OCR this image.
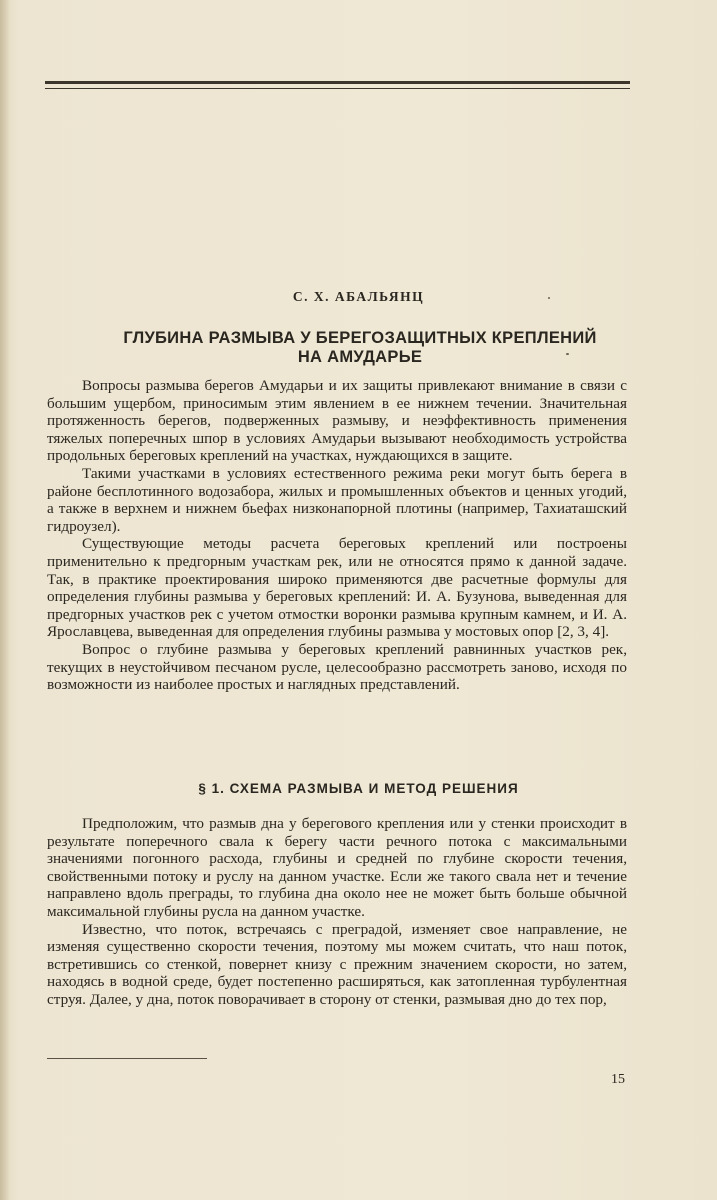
С. Х. АБАЛЬЯНЦ
ГЛУБИНА РАЗМЫВА У БЕРЕГОЗАЩИТНЫХ КРЕПЛЕНИЙ
НА АМУДАРЬЕ

Вопросы размыва берегов Амударьи и их защиты привлекают внимание в связи с большим ущербом, приносимым этим явлением в ее нижнем течении. Значительная протяженность берегов, подверженных размыву, и неэффективность применения тяжелых поперечных шпор в условиях Амударьи вызывают необходимость устройства продольных береговых креплений на участках, нуждающихся в защите.

Такими участками в условиях естественного режима реки могут быть берега в районе бесплотинного водозабора, жилых и промышленных объектов и ценных угодий, а также в верхнем и нижнем бьефах низконапорной плотины (например, Тахиаташский гидроузел).

Существующие методы расчета береговых креплений или построены применительно к предгорным участкам рек, или не относятся прямо к данной задаче. Так, в практике проектирования широко применяются две расчетные формулы для определения глубины размыва у береговых креплений: И. А. Бузунова, выведенная для предгорных участков рек с учетом отмостки воронки размыва крупным камнем, и И. А. Ярославцева, выведенная для определения глубины размыва у мостовых опор [2, 3, 4].

Вопрос о глубине размыва у береговых креплений равнинных участков рек, текущих в неустойчивом песчаном русле, целесообразно рассмотреть заново, исходя по возможности из наиболее простых и наглядных представлений.

§ 1. СХЕМА РАЗМЫВА И МЕТОД РЕШЕНИЯ

Предположим, что размыв дна у берегового крепления или у стенки происходит в результате поперечного свала к берегу части речного потока с максимальными значениями погонного расхода, глубины и средней по глубине скорости течения, свойственными потоку и руслу на данном участке. Если же такого свала нет и течение направлено вдоль преграды, то глубина дна около нее не может быть больше обычной максимальной глубины русла на данном участке.

Известно, что поток, встречаясь с преградой, изменяет свое направление, не изменяя существенно скорости течения, поэтому мы можем считать, что наш поток, встретившись со стенкой, повернет книзу с прежним значением скорости, но затем, находясь в водной среде, будет постепенно расширяться, как затопленная турбулентная струя. Далее, у дна, поток поворачивает в сторону от стенки, размывая дно до тех пор,

15
